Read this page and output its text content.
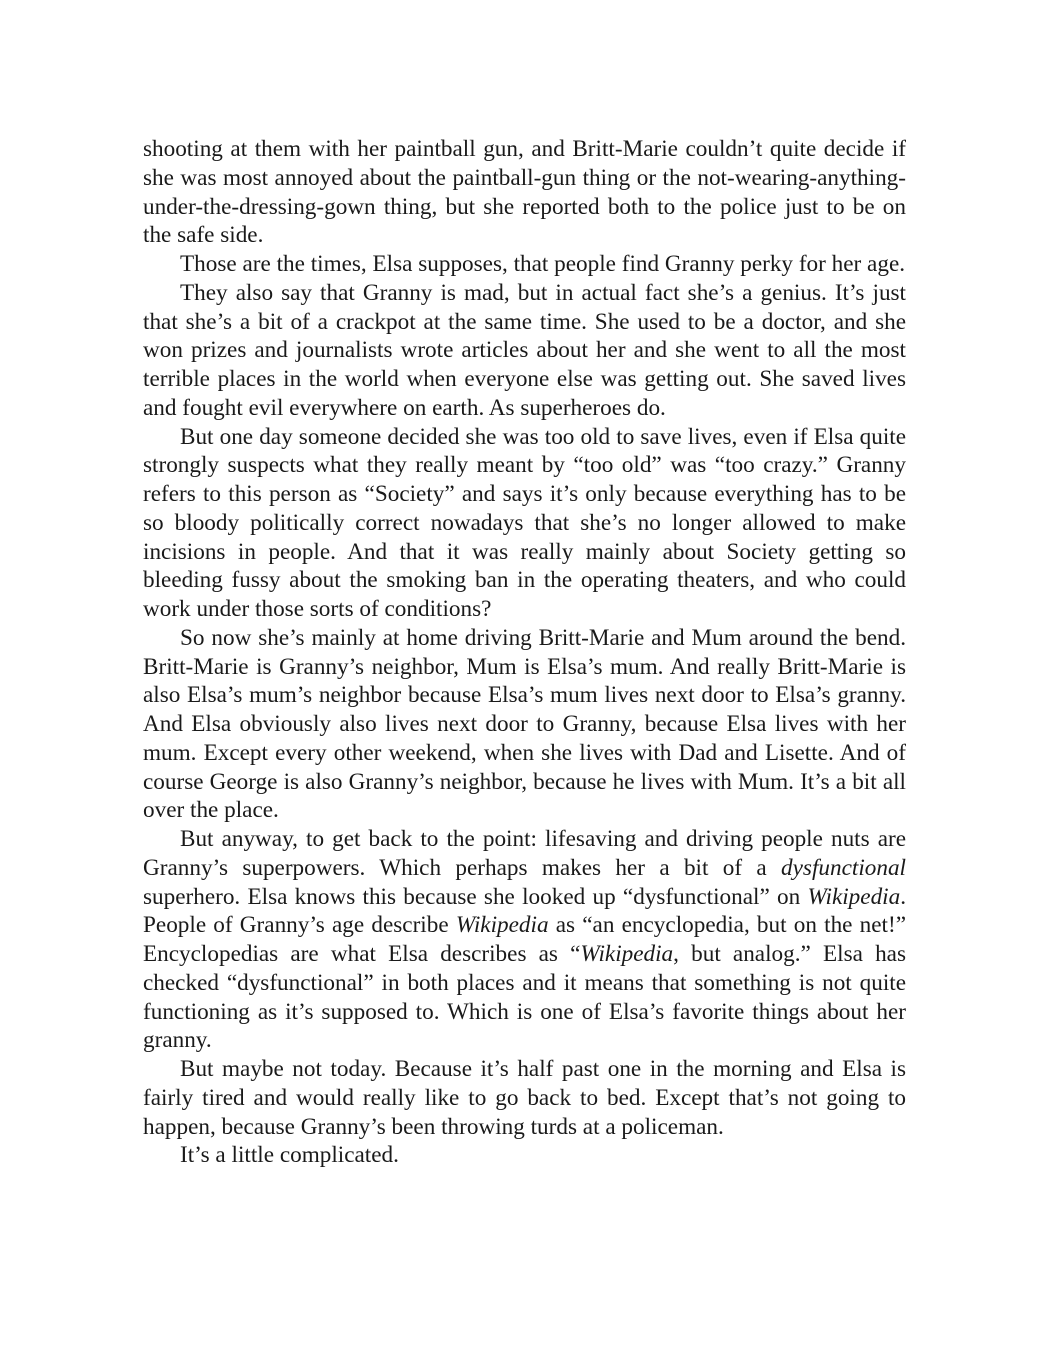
shooting at them with her paintball gun, and Britt-Marie couldn’t quite decide if she was most annoyed about the paintball-gun thing or the not-wearing-anything-under-the-dressing-gown thing, but she reported both to the police just to be on the safe side.

Those are the times, Elsa supposes, that people find Granny perky for her age.

They also say that Granny is mad, but in actual fact she’s a genius. It’s just that she’s a bit of a crackpot at the same time. She used to be a doctor, and she won prizes and journalists wrote articles about her and she went to all the most terrible places in the world when everyone else was getting out. She saved lives and fought evil everywhere on earth. As superheroes do.

But one day someone decided she was too old to save lives, even if Elsa quite strongly suspects what they really meant by “too old” was “too crazy.” Granny refers to this person as “Society” and says it’s only because everything has to be so bloody politically correct nowadays that she’s no longer allowed to make incisions in people. And that it was really mainly about Society getting so bleeding fussy about the smoking ban in the operating theaters, and who could work under those sorts of conditions?

So now she’s mainly at home driving Britt-Marie and Mum around the bend. Britt-Marie is Granny’s neighbor, Mum is Elsa’s mum. And really Britt-Marie is also Elsa’s mum’s neighbor because Elsa’s mum lives next door to Elsa’s granny. And Elsa obviously also lives next door to Granny, because Elsa lives with her mum. Except every other weekend, when she lives with Dad and Lisette. And of course George is also Granny’s neighbor, because he lives with Mum. It’s a bit all over the place.

But anyway, to get back to the point: lifesaving and driving people nuts are Granny’s superpowers. Which perhaps makes her a bit of a dysfunctional superhero. Elsa knows this because she looked up “dysfunctional” on Wikipedia. People of Granny’s age describe Wikipedia as “an encyclopedia, but on the net!” Encyclopedias are what Elsa describes as “Wikipedia, but analog.” Elsa has checked “dysfunctional” in both places and it means that something is not quite functioning as it’s supposed to. Which is one of Elsa’s favorite things about her granny.

But maybe not today. Because it’s half past one in the morning and Elsa is fairly tired and would really like to go back to bed. Except that’s not going to happen, because Granny’s been throwing turds at a policeman.

It’s a little complicated.
